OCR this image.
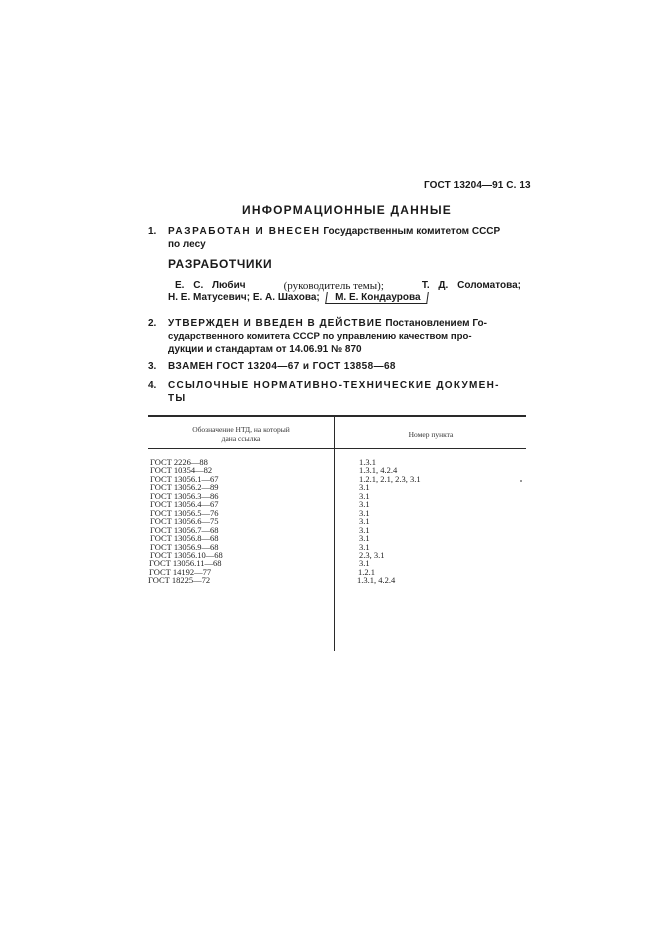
ГОСТ 13204—91 С. 13
ИНФОРМАЦИОННЫЕ ДАННЫЕ
1. РАЗРАБОТАН И ВНЕСЕН Государственным комитетом СССР
по лесу
РАЗРАБОТЧИКИ
Е. С. Любич	(руководитель темы);	Т. Д. Соломатова;
Н. Е. Матусевич; Е. А. Шахова; М. Е. Кондаурова
2. УТВЕРЖДЕН И ВВЕДЕН В ДЕЙСТВИЕ Постановлением Го-
сударственного комитета СССР по управлению качеством про-
дукции и стандартам от 14.06.91 № 870
3. ВЗАМЕН ГОСТ 13204—67 и ГОСТ 13858—68
4. ССЫЛОЧНЫЕ НОРМАТИВНО-ТЕХНИЧЕСКИЕ ДОКУМЕН-
ТЫ
Обозначение НТД, на который
дана ссылка	Номер пункта
ГОСТ 2226—88	1.3.1
ГОСТ 10354—82	1.3.1, 4.2.4
ГОСТ 13056.1—67	1.2.1, 2.1, 2.3, 3.1
ГОСТ 13056.2—89	3.1
ГОСТ 13056.3—86	3.1
ГОСТ 13056.4—67	3.1
ГОСТ 13056.5—76	3.1
ГОСТ 13056.6—75	3.1
ГОСТ 13056.7—68	3.1
ГОСТ 13056.8—68	3.1
ГОСТ 13056.9—68	3.1
ГОСТ 13056.10—68	2.3, 3.1
ГОСТ 13056.11—68	3.1
ГОСТ 14192—77	1.2.1
ГОСТ 18225—72	1.3.1, 4.2.4
